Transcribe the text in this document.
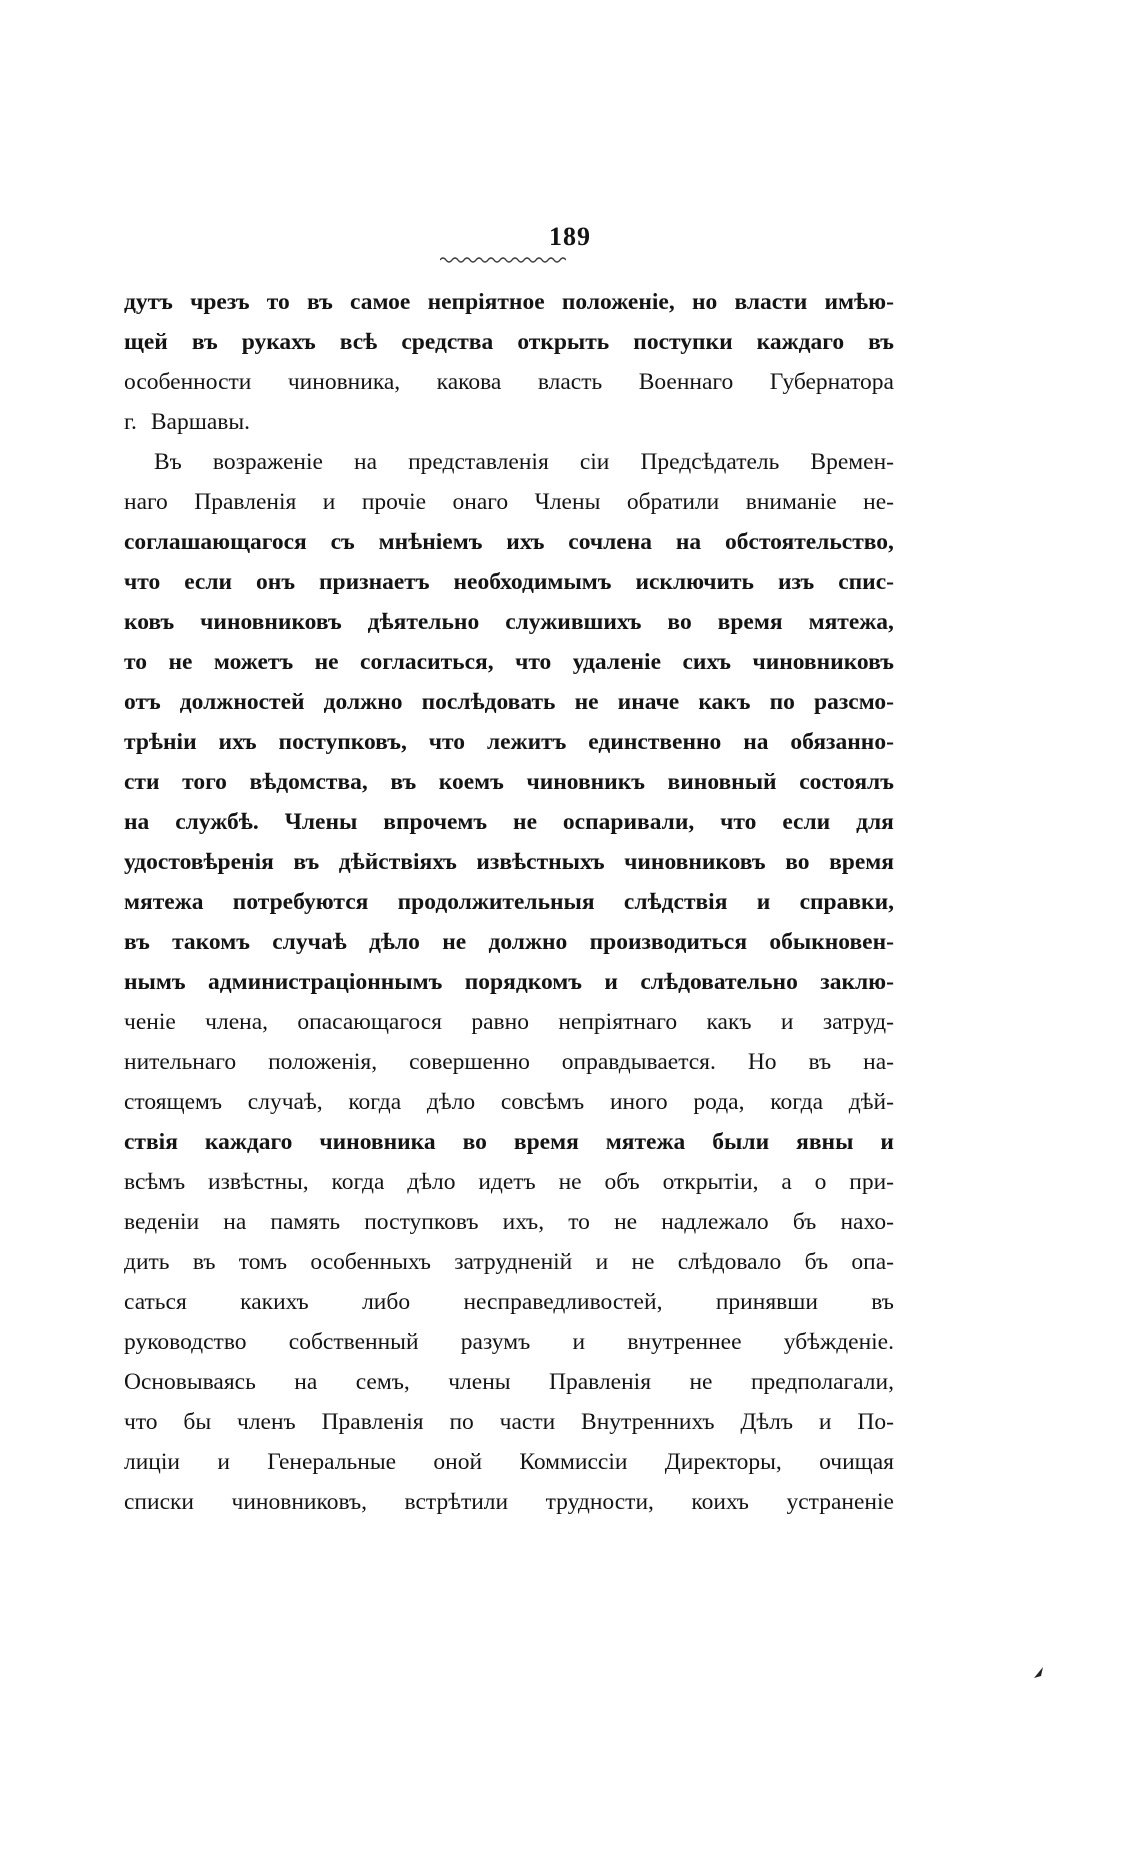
189
дутъ чрезъ то въ самое непріятное положеніе, но власти имѣю-
щей въ рукахъ всѣ средства открыть поступки каждаго въ
особенности чиновника, какова власть Военнаго Губернатора
г. Варшавы.
Въ возраженіе на представленія сіи Предсѣдатель Времен-
наго Правленія и прочіе онаго Члены обратили вниманіе не-
соглашающагося съ мнѣніемъ ихъ сочлена на обстоятельство,
что если онъ признаетъ необходимымъ исключить изъ спис-
ковъ чиновниковъ дѣятельно служившихъ во время мятежа,
то не можетъ не согласиться, что удаленіе сихъ чиновниковъ
отъ должностей должно послѣдовать не иначе какъ по разсмо-
трѣніи ихъ поступковъ, что лежитъ единственно на обязанно-
сти того вѣдомства, въ коемъ чиновникъ виновный состоялъ
на службѣ. Члены впрочемъ не оспаривали, что если для
удостовѣренія въ дѣйствіяхъ извѣстныхъ чиновниковъ во время
мятежа потребуются продолжительныя слѣдствія и справки,
въ такомъ случаѣ дѣло не должно производиться обыкновен-
нымъ администраціоннымъ порядкомъ и слѣдовательно заклю-
ченіе члена, опасающагося равно непріятнаго какъ и затруд-
нительнаго положенія, совершенно оправдывается. Но въ на-
стоящемъ случаѣ, когда дѣло совсѣмъ иного рода, когда дѣй-
ствія каждаго чиновника во время мятежа были явны и
всѣмъ извѣстны, когда дѣло идетъ не объ открытіи, а о при-
веденіи на память поступковъ ихъ, то не надлежало бъ нахо-
дить въ томъ особенныхъ затрудненій и не слѣдовало бъ опа-
саться какихъ либо несправедливостей, принявши въ
руководство собственный разумъ и внутреннее убѣжденіе.
Основываясь на семъ, члены Правленія не предполагали,
что бы членъ Правленія по части Внутреннихъ Дѣлъ и По-
лиціи и Генеральные оной Коммиссіи Директоры, очищая
списки чиновниковъ, встрѣтили трудности, коихъ устраненіе
